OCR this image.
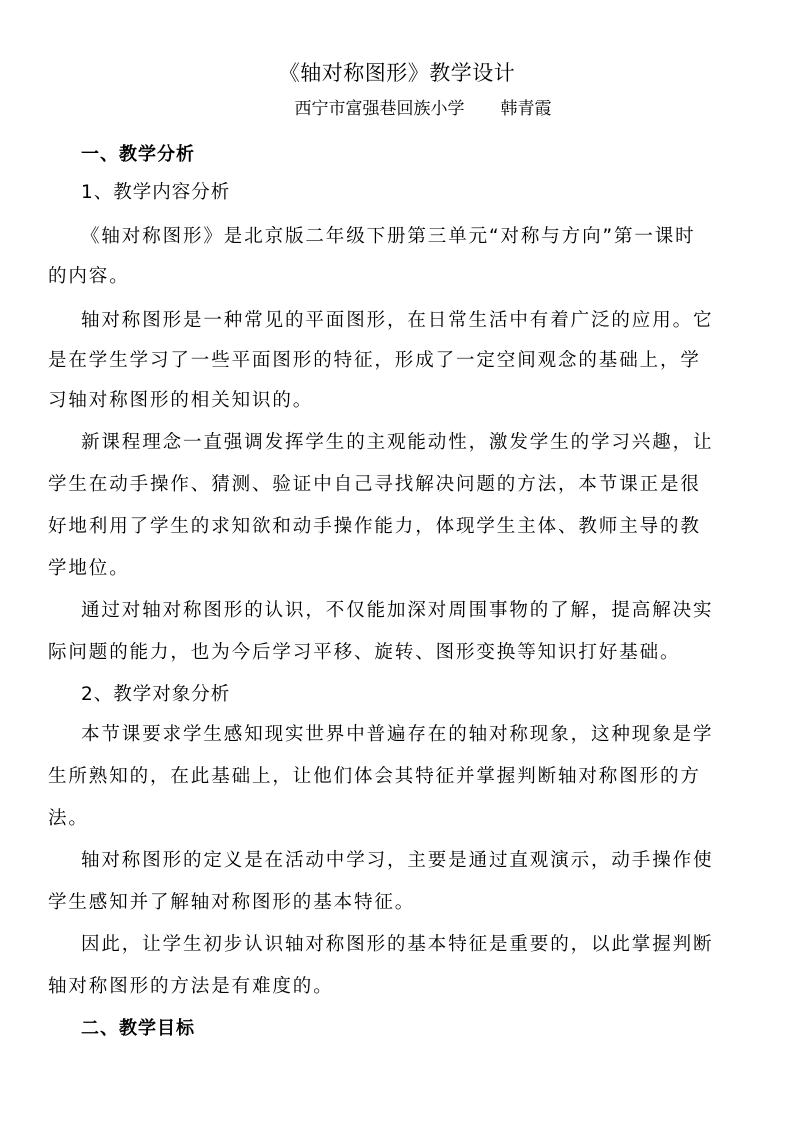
《轴对称图形》教学设计
西宁市富强巷回族小学 韩青霞
一、教学分析
1、教学内容分析
《轴对称图形》是北京版二年级下册第三单元“对称与方向”第一课时
的内容。
轴对称图形是一种常见的平面图形，在日常生活中有着广泛的应用。它
是在学生学习了一些平面图形的特征，形成了一定空间观念的基础上，学
习轴对称图形的相关知识的。
新课程理念一直强调发挥学生的主观能动性，激发学生的学习兴趣，让
学生在动手操作、猜测、验证中自己寻找解决问题的方法，本节课正是很
好地利用了学生的求知欲和动手操作能力，体现学生主体、教师主导的教
学地位。
通过对轴对称图形的认识，不仅能加深对周围事物的了解，提高解决实
际问题的能力，也为今后学习平移、旋转、图形变换等知识打好基础。
2、教学对象分析
本节课要求学生感知现实世界中普遍存在的轴对称现象，这种现象是学
生所熟知的，在此基础上，让他们体会其特征并掌握判断轴对称图形的方
法。
轴对称图形的定义是在活动中学习，主要是通过直观演示，动手操作使
学生感知并了解轴对称图形的基本特征。
因此，让学生初步认识轴对称图形的基本特征是重要的，以此掌握判断
轴对称图形的方法是有难度的。
二、教学目标
